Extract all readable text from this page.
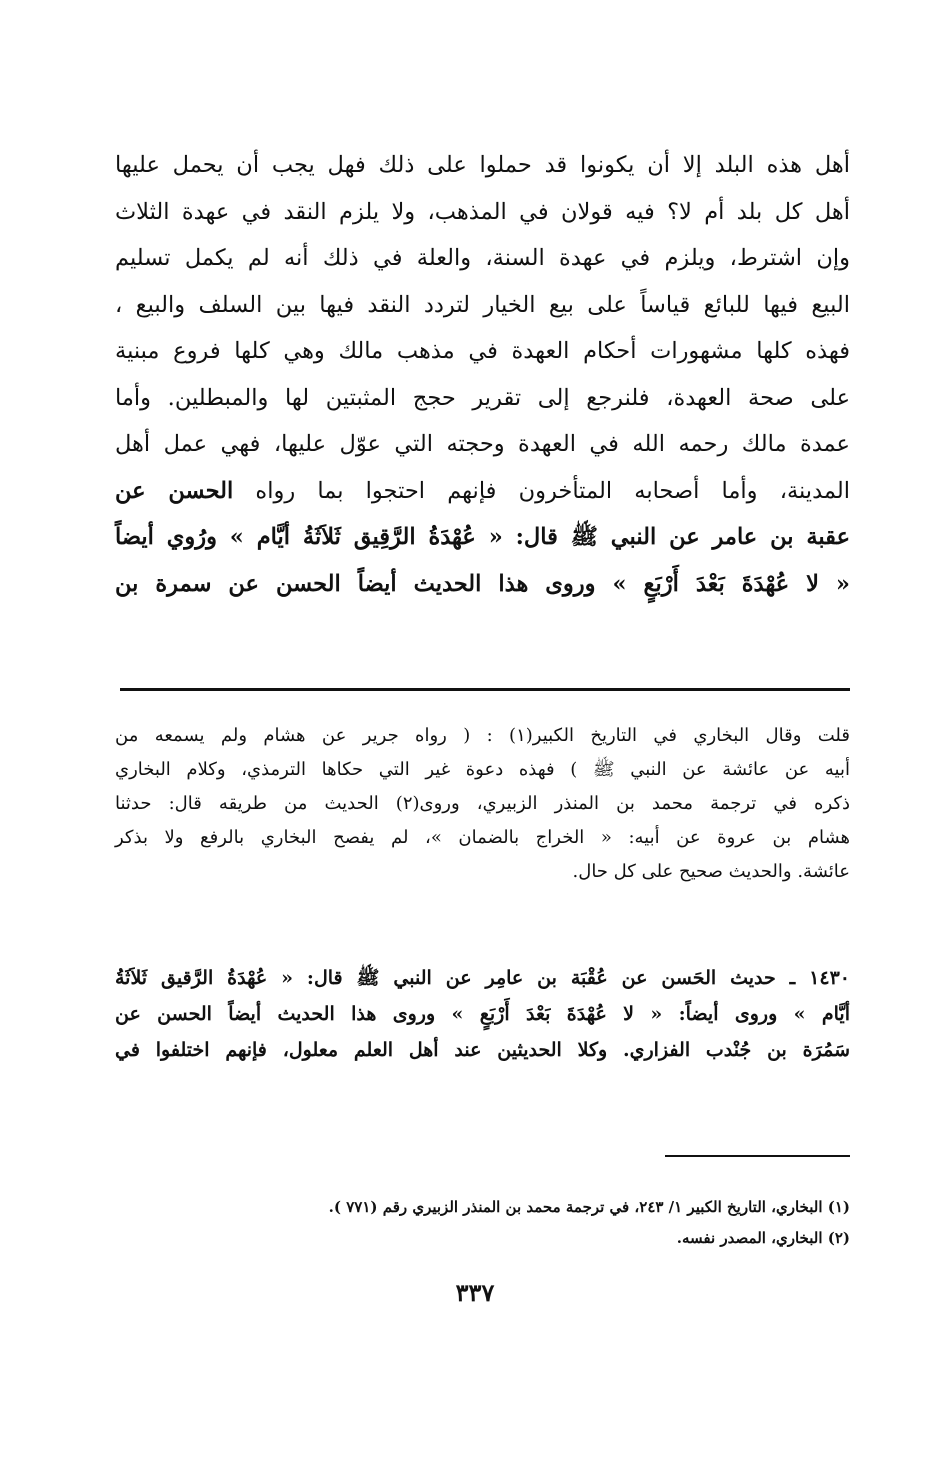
أهل هذه البلد إلا أن يكونوا قد حملوا على ذلك فهل يجب أن يحمل عليها

أهل كل بلد أم لا؟ فيه قولان في المذهب، ولا يلزم النقد في عهدة الثلاث

وإن اشترط، ويلزم في عهدة السنة، والعلة في ذلك أنه لم يكمل تسليم

البيع فيها للبائع قياساً على بيع الخيار لتردد النقد فيها بين السلف والبيع ،

فهذه كلها مشهورات أحكام العهدة في مذهب مالك وهي كلها فروع مبنية

على صحة العهدة، فلنرجع إلى تقرير حجج المثبتين لها والمبطلين. وأما

عمدة مالك رحمه الله في العهدة وحجته التي عوّل عليها، فهي عمل أهل

المدينة، وأما أصحابه المتأخرون فإنهم احتجوا بما رواه الحسن عن

عقبة بن عامر عن النبي ﷺ قال: « عُهْدَةُ الرَّقِيق ثَلاَثَةُ أيَّام » ورُوي أيضاً

« لا عُهْدَةَ بَعْدَ أَرْبَعٍ » وروى هذا الحديث أيضاً الحسن عن سمرة بن

قلت وقال البخاري في التاريخ الكبير(١) : ( رواه جرير عن هشام ولم يسمعه من

أبيه عن عائشة عن النبي ﷺ ) فهذه دعوة غير التي حكاها الترمذي، وكلام البخاري

ذكره في ترجمة محمد بن المنذر الزبيري، وروى(٢) الحديث من طريقه قال: حدثنا

هشام بن عروة عن أبيه: « الخراج بالضمان »، لم يفصح البخاري بالرفع ولا بذكر

عائشة. والحديث صحيح على كل حال.

١٤٣٠ ـ حديث الحَسن عن عُقْبَة بن عامِر عن النبي ﷺ قال: « عُهْدَةُ الرَّقيق ثَلاَثَةُ

أيَّام » وروى أيضاً: « لا عُهْدَةَ بَعْدَ أَرْبَعٍ » وروى هذا الحديث أيضاً الحسن عن

سَمُرَة بن جُنْدب الفزاري. وكلا الحديثين عند أهل العلم معلول، فإنهم اختلفوا في

(١) البخاري، التاريخ الكبير ١/ ٢٤٣، في ترجمة محمد بن المنذر الزبيري رقم (٧٧١ ).

(٢) البخاري، المصدر نفسه.

٣٣٧
